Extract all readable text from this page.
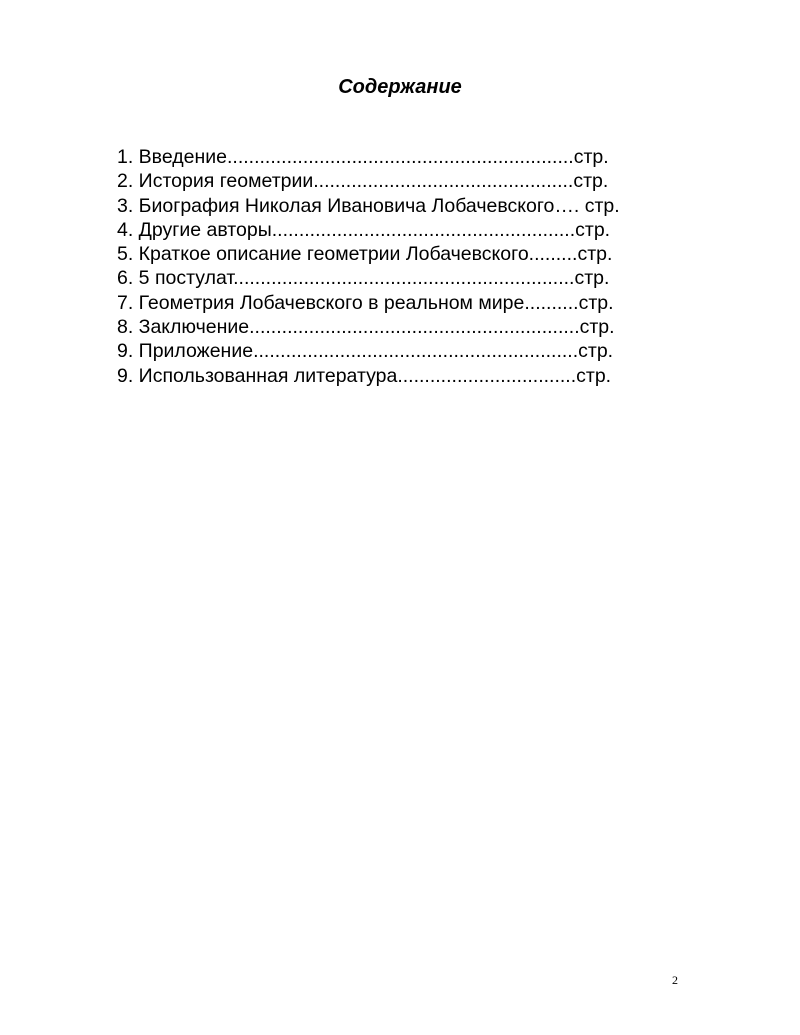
Содержание
1. Введение................................................................стр.
2. История геометрии................................................стр.
3. Биография Николая Ивановича Лобачевского…. стр.
4. Другие авторы........................................................стр.
5. Краткое описание геометрии Лобачевского.........стр.
6. 5 постулат...............................................................стр.
7. Геометрия Лобачевского в реальном мире..........стр.
8. Заключение.............................................................стр.
9. Приложение............................................................стр.
9. Использованная литература.................................стр.
2
